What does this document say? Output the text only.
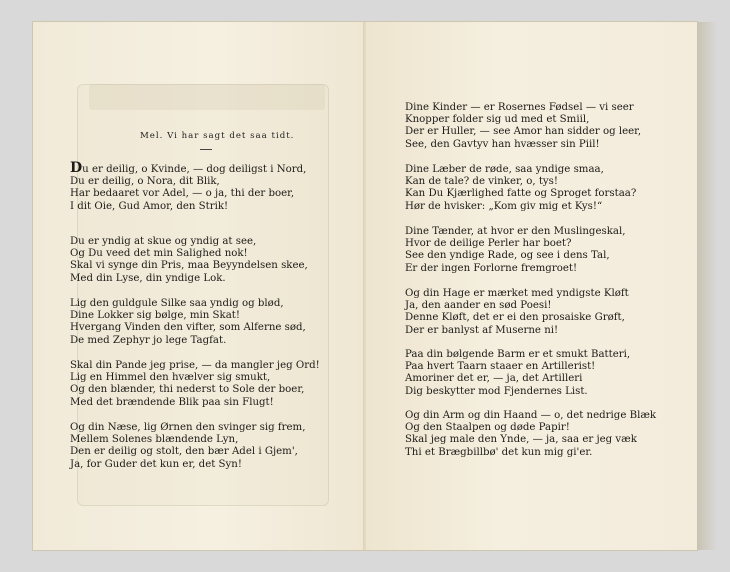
Mel. Vi har sagt det saa tidt.
Du er deilig, o Kvinde, — dog deiligst i Nord,
Du er deilig, o Nora, dit Blik,
Har bedaaret vor Adel, — o ja, thi der boer,
I dit Oie, Gud Amor, den Strik!
Du er yndig at skue og yndig at see,
Og Du veed det min Salighed nok!
Skal vi synge din Pris, maa Beyyndelsen skee,
Med din Lyse, din yndige Lok.
Lig den guldgule Silke saa yndig og blød,
Dine Lokker sig bølge, min Skat!
Hvergang Vinden den vifter, som Alferne sød,
De med Zephyr jo lege Tagfat.
Skal din Pande jeg prise, — da mangler jeg Ord!
Lig en Himmel den hvælver sig smukt,
Og den blænder, thi nederst to Sole der boer,
Med det brændende Blik paa sin Flugt!
Og din Næse, lig Ørnen den svinger sig frem,
Mellem Solenes blændende Lyn,
Den er deilig og stolt, den bær Adel i Gjem',
Ja, for Guder det kun er, det Syn!
Dine Kinder — er Rosernes Fødsel — vi seer
Knopper folder sig ud med et Smiil,
Der er Huller, — see Amor han sidder og leer,
See, den Gavtyv han hvæsser sin Piil!
Dine Læber de røde, saa yndige smaa,
Kan de tale? de vinker, o, tys!
Kan Du Kjærlighed fatte og Sproget forstaa?
Hør de hvisker: „Kom giv mig et Kys!“
Dine Tænder, at hvor er den Muslingeskal,
Hvor de deilige Perler har boet?
See den yndige Rade, og see i dens Tal,
Er der ingen Forlorne fremgroet!
Og din Hage er mærket med yndigste Kløft
Ja, den aander en sød Poesi!
Denne Kløft, det er ei den prosaiske Grøft,
Der er banlyst af Muserne ni!
Paa din bølgende Barm er et smukt Batteri,
Paa hvert Taarn staaer en Artillerist!
Amoriner det er, — ja, det Artilleri
Dig beskytter mod Fjendernes List.
Og din Arm og din Haand — o, det nedrige Blæk
Og den Staalpen og døde Papir!
Skal jeg male den Ynde, — ja, saa er jeg væk
Thi et Brægbillbø' det kun mig gi'er.
